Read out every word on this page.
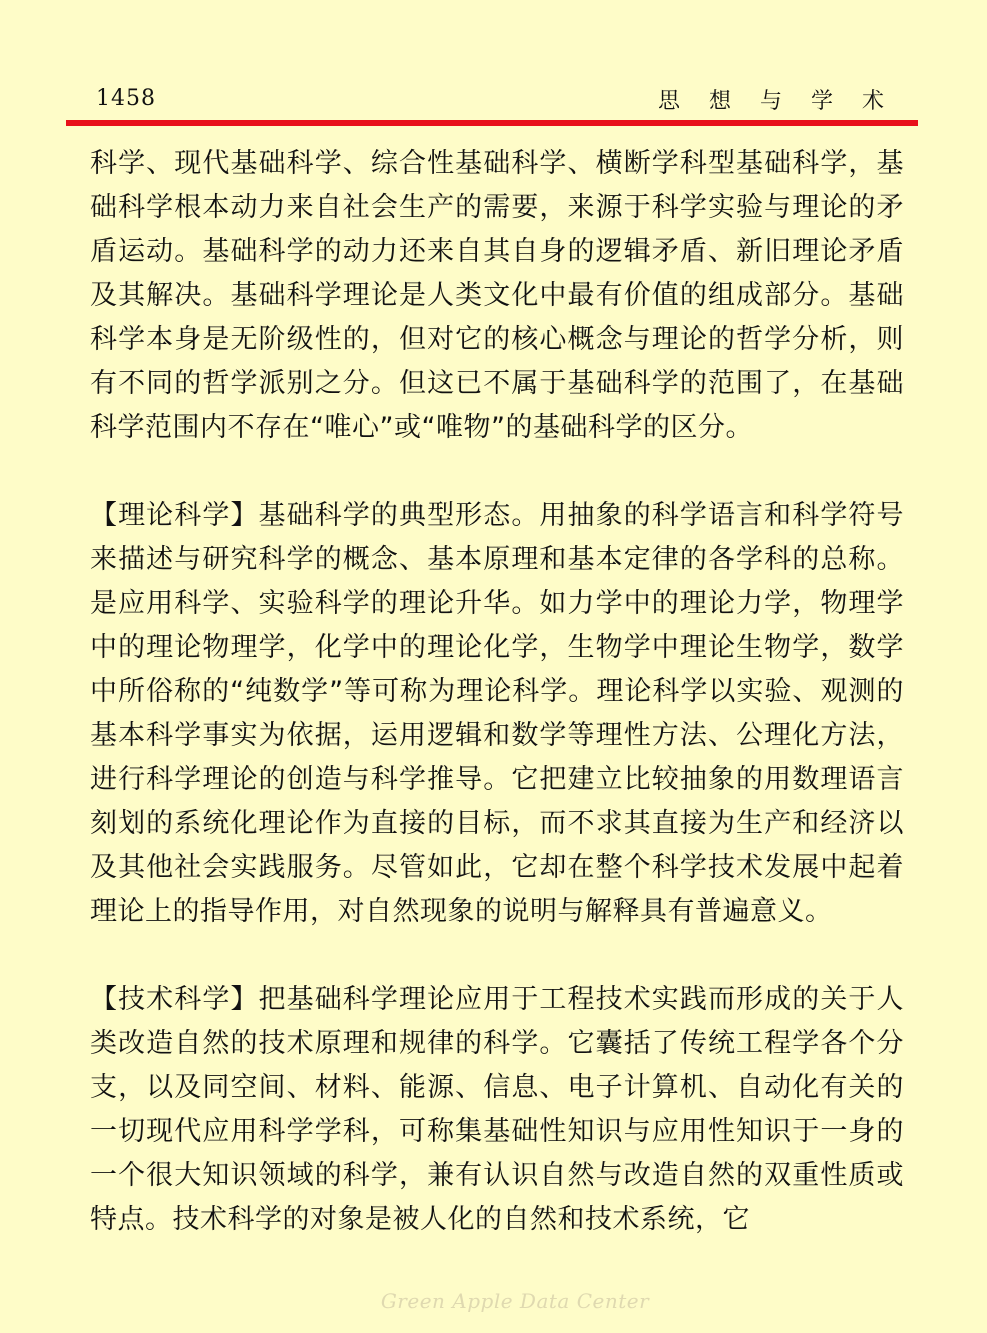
1458	思 想 与 学 术

科学、现代基础科学、综合性基础科学、横断学科型基础科学，基础科学根本动力来自社会生产的需要，来源于科学实验与理论的矛盾运动。基础科学的动力还来自其自身的逻辑矛盾、新旧理论矛盾及其解决。基础科学理论是人类文化中最有价值的组成部分。基础科学本身是无阶级性的，但对它的核心概念与理论的哲学分析，则有不同的哲学派别之分。但这已不属于基础科学的范围了，在基础科学范围内不存在“唯心”或“唯物”的基础科学的区分。

【理论科学】基础科学的典型形态。用抽象的科学语言和科学符号来描述与研究科学的概念、基本原理和基本定律的各学科的总称。是应用科学、实验科学的理论升华。如力学中的理论力学，物理学中的理论物理学，化学中的理论化学，生物学中理论生物学，数学中所俗称的“纯数学”等可称为理论科学。理论科学以实验、观测的基本科学事实为依据，运用逻辑和数学等理性方法、公理化方法，进行科学理论的创造与科学推导。它把建立比较抽象的用数理语言刻划的系统化理论作为直接的目标，而不求其直接为生产和经济以及其他社会实践服务。尽管如此，它却在整个科学技术发展中起着理论上的指导作用，对自然现象的说明与解释具有普遍意义。

【技术科学】把基础科学理论应用于工程技术实践而形成的关于人类改造自然的技术原理和规律的科学。它囊括了传统工程学各个分支，以及同空间、材料、能源、信息、电子计算机、自动化有关的一切现代应用科学学科，可称集基础性知识与应用性知识于一身的一个很大知识领域的科学，兼有认识自然与改造自然的双重性质或特点。技术科学的对象是被人化的自然和技术系统，它

Green Apple Data Center
